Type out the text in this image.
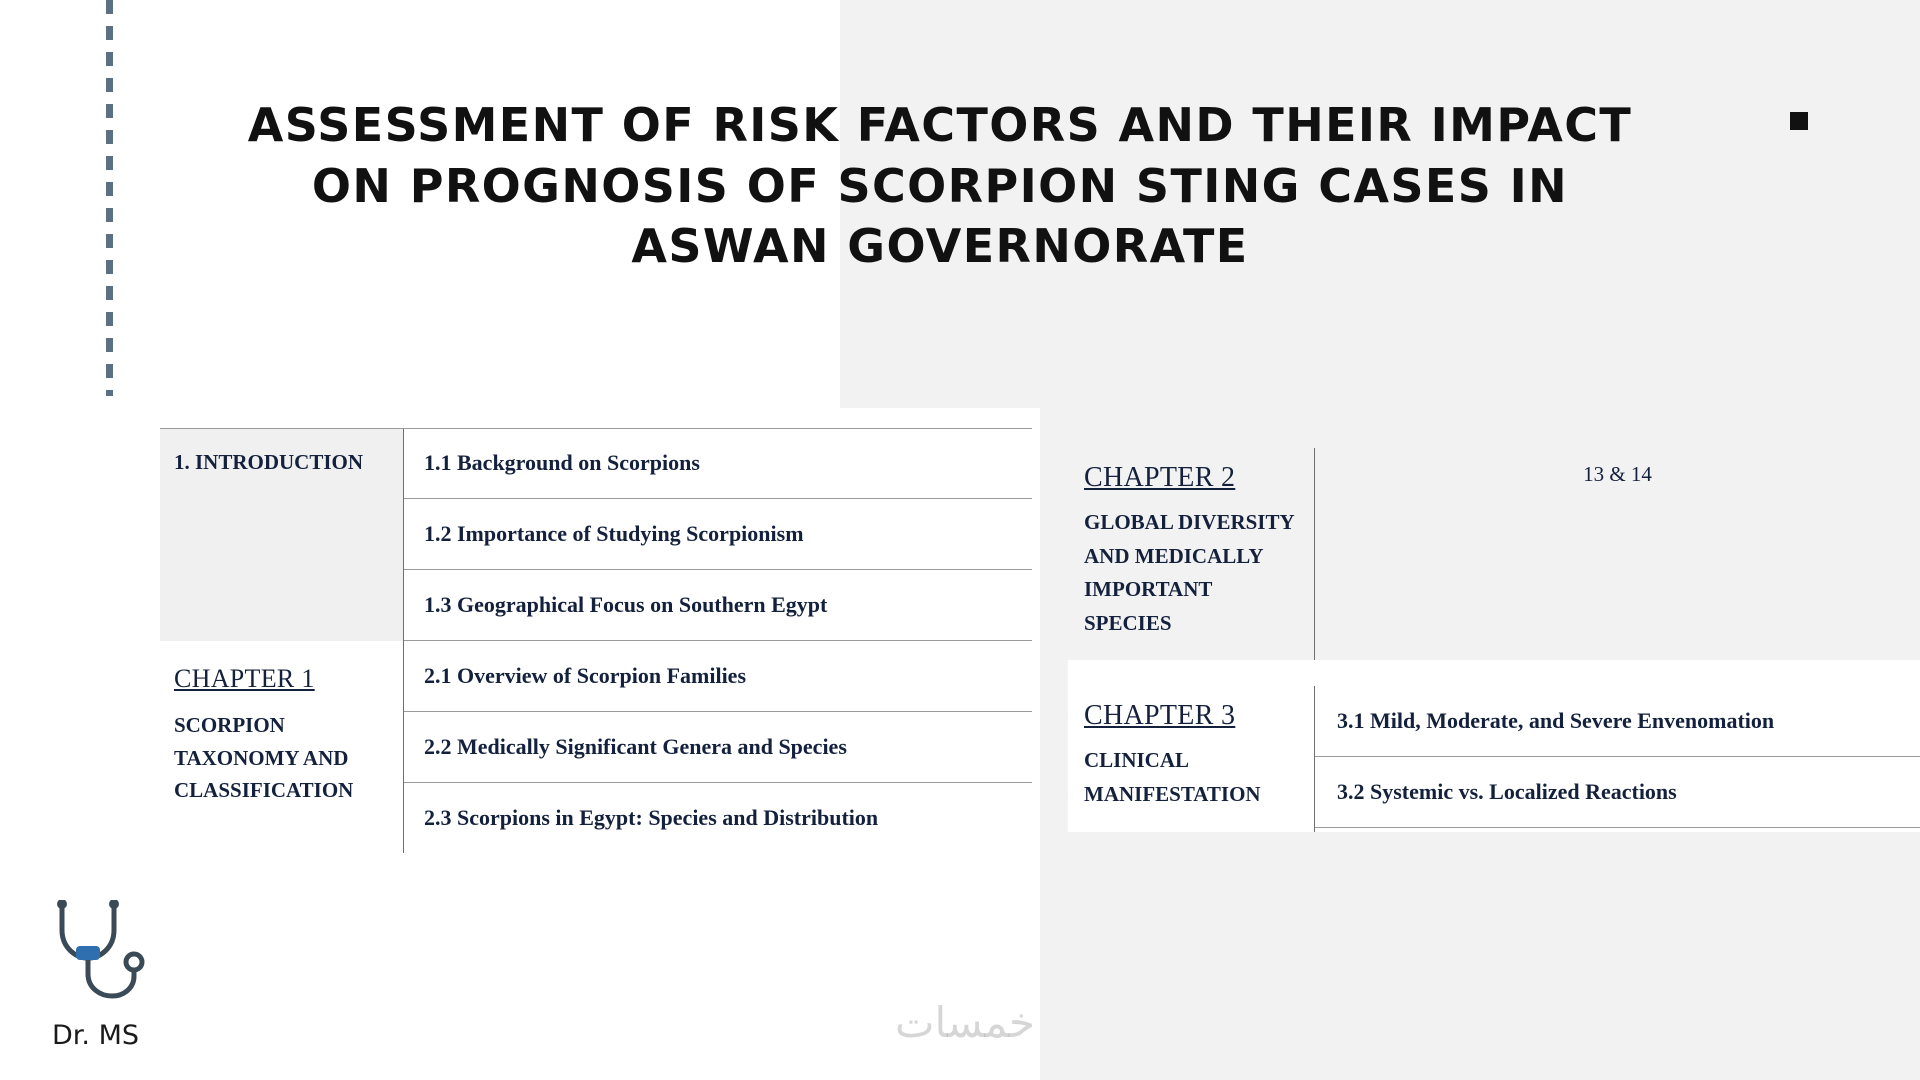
ASSESSMENT OF RISK FACTORS AND THEIR IMPACT ON PROGNOSIS OF SCORPION STING CASES IN ASWAN GOVERNORATE
1. INTRODUCTION	1.1 Background on Scorpions
1.2 Importance of Studying Scorpionism
1.3 Geographical Focus on Southern Egypt
CHAPTER 1
SCORPION TAXONOMY AND CLASSIFICATION
2.1 Overview of Scorpion Families
2.2 Medically Significant Genera and Species
2.3 Scorpions in Egypt: Species and Distribution
CHAPTER 2
GLOBAL DIVERSITY AND MEDICALLY IMPORTANT SPECIES
13 & 14
CHAPTER 3
CLINICAL MANIFESTATION
3.1 Mild, Moderate, and Severe Envenomation
3.2 Systemic vs. Localized Reactions
Dr. MS	خمسات
